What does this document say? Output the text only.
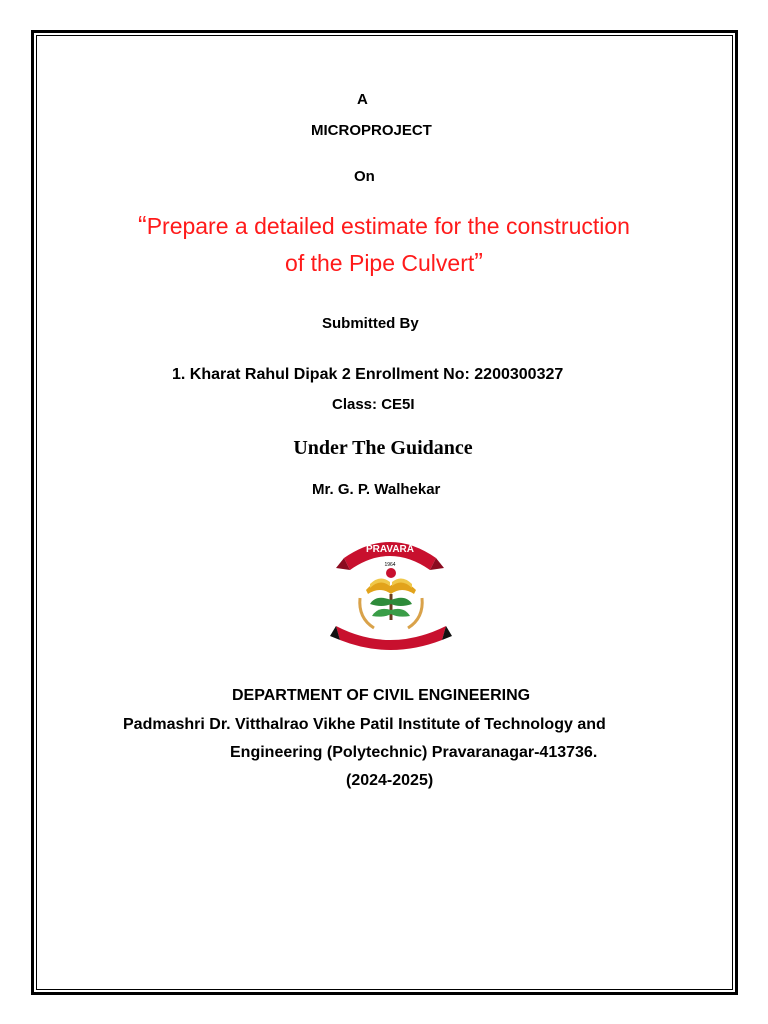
A
MICROPROJECT
On
“Prepare a detailed estimate for the construction
of the Pipe Culvert”
Submitted By
1. Kharat Rahul Dipak 2 Enrollment No: 2200300327
Class: CE5I
Under The Guidance
Mr. G. P. Walhekar
PRAVARA
1964
DEPARTMENT OF CIVIL ENGINEERING
Padmashri Dr. Vitthalrao Vikhe Patil Institute of Technology and
Engineering (Polytechnic) Pravaranagar-413736.
(2024-2025)
